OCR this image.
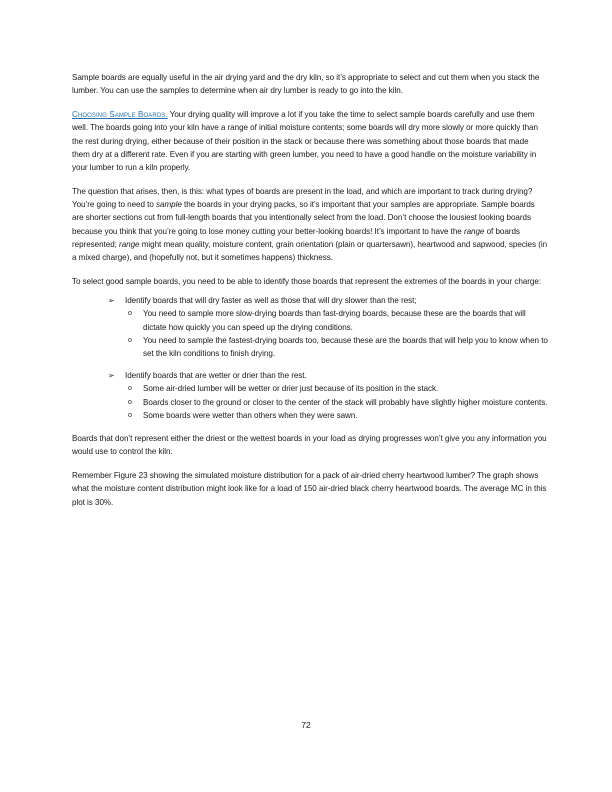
Sample boards are equally useful in the air drying yard and the dry kiln, so it’s appropriate to select and cut them when you stack the lumber. You can use the samples to determine when air dry lumber is ready to go into the kiln.

Choosing Sample Boards. Your drying quality will improve a lot if you take the time to select sample boards carefully and use them well. The boards going into your kiln have a range of initial moisture contents; some boards will dry more slowly or more quickly than the rest during drying, either because of their position in the stack or because there was something about those boards that made them dry at a different rate. Even if you are starting with green lumber, you need to have a good handle on the moisture variability in your lumber to run a kiln properly.

The question that arises, then, is this: what types of boards are present in the load, and which are important to track during drying? You’re going to need to sample the boards in your drying packs, so it’s important that your samples are appropriate. Sample boards are shorter sections cut from full-length boards that you intentionally select from the load. Don’t choose the lousiest looking boards because you think that you’re going to lose money cutting your better-looking boards! It’s important to have the range of boards represented; range might mean quality, moisture content, grain orientation (plain or quartersawn), heartwood and sapwood, species (in a mixed charge), and (hopefully not, but it sometimes happens) thickness.

To select good sample boards, you need to be able to identify those boards that represent the extremes of the boards in your charge:

➢ Identify boards that will dry faster as well as those that will dry slower than the rest;
o You need to sample more slow-drying boards than fast-drying boards, because these are the boards that will dictate how quickly you can speed up the drying conditions.
o You need to sample the fastest-drying boards too, because these are the boards that will help you to know when to set the kiln conditions to finish drying.
➢ Identify boards that are wetter or drier than the rest.
o Some air-dried lumber will be wetter or drier just because of its position in the stack.
o Boards closer to the ground or closer to the center of the stack will probably have slightly higher moisture contents.
o Some boards were wetter than others when they were sawn.

Boards that don’t represent either the driest or the wettest boards in your load as drying progresses won’t give you any information you would use to control the kiln.

Remember Figure 23 showing the simulated moisture distribution for a pack of air-dried cherry heartwood lumber? The graph shows what the moisture content distribution might look like for a load of 150 air-dried black cherry heartwood boards. The average MC in this plot is 30%.

72
